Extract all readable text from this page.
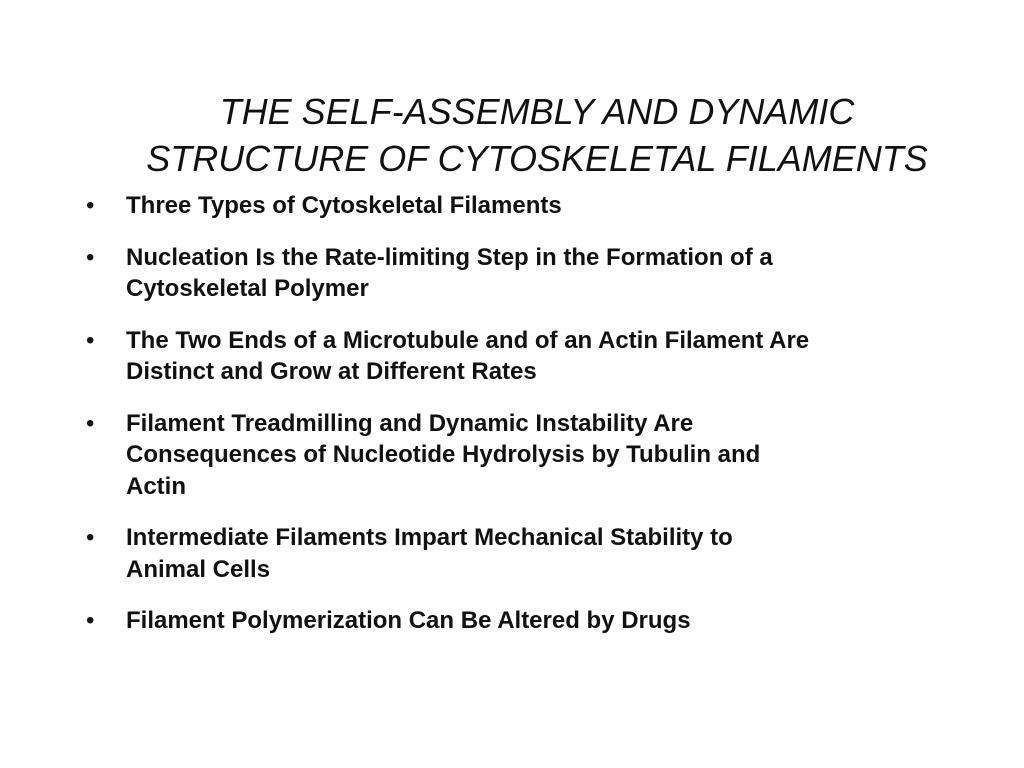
THE SELF-ASSEMBLY AND DYNAMIC
STRUCTURE OF CYTOSKELETAL FILAMENTS
•	Three Types of Cytoskeletal Filaments
•	Nucleation Is the Rate-limiting Step in the Formation of a
Cytoskeletal Polymer
•	The Two Ends of a Microtubule and of an Actin Filament Are
Distinct and Grow at Different Rates
•	Filament Treadmilling and Dynamic Instability Are
Consequences of Nucleotide Hydrolysis by Tubulin and
Actin
•	Intermediate Filaments Impart Mechanical Stability to
Animal Cells
•	Filament Polymerization Can Be Altered by Drugs
